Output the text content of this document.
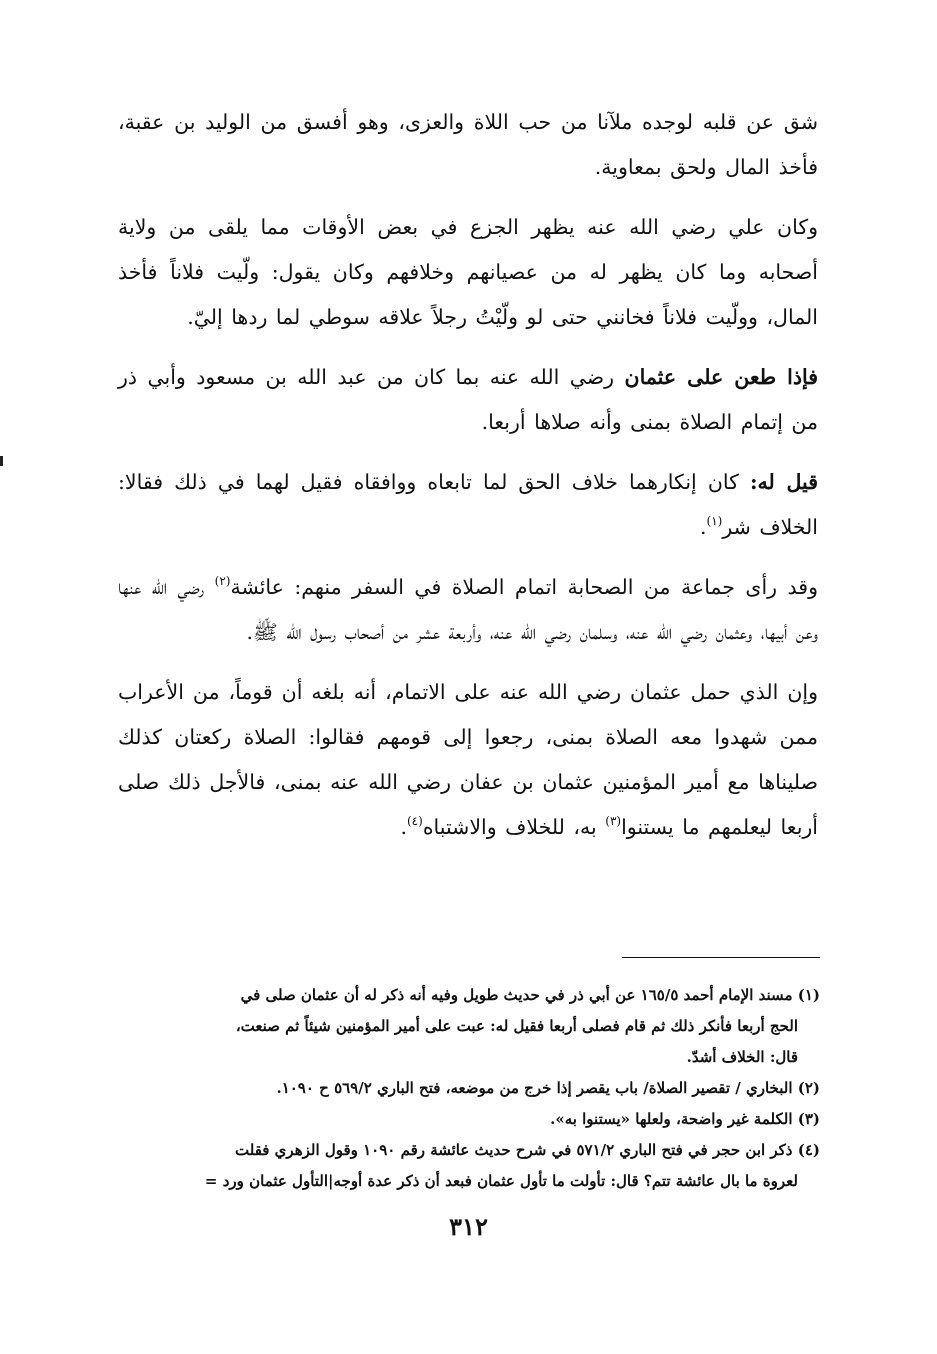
شق عن قلبه لوجده ملآنا من حب اللاة والعزى، وهو أفسق من الوليد بن عقبة، فأخذ المال ولحق بمعاوية.

وكان علي رضي الله عنه يظهر الجزع في بعض الأوقات مما يلقى من ولاية أصحابه وما كان يظهر له من عصيانهم وخلافهم وكان يقول: ولّيت فلاناً فأخذ المال، وولّيت فلاناً فخانني حتى لو ولّيْتُ رجلاً علاقه سوطي لما ردها إليّ.

فإذا طعن على عثمان رضي الله عنه بما كان من عبد الله بن مسعود وأبي ذر من إتمام الصلاة بمنى وأنه صلاها أربعا.

قيل له: كان إنكارهما خلاف الحق لما تابعاه ووافقاه فقيل لهما في ذلك فقالا: الخلاف شر$^{(١)}$.

وقد رأى جماعة من الصحابة اتمام الصلاة في السفر منهم: عائشة$^{(٢)}$ رضي الله عنها وعن أبيها، وعثمان رضي الله عنه، وسلمان رضي الله عنه، وأربعة عشر من أصحاب رسول الله ﷺ.

وإن الذي حمل عثمان رضي الله عنه على الاتمام، أنه بلغه أن قوماً، من الأعراب ممن شهدوا معه الصلاة بمنى، رجعوا إلى قومهم فقالوا: الصلاة ركعتان كذلك صليناها مع أمير المؤمنين عثمان بن عفان رضي الله عنه بمنى، فالأجل ذلك صلى أربعا ليعلمهم ما يستنوا$^{(٣)}$ به، للخلاف والاشتباه$^{(٤)}$.

(١) مسند الإمام أحمد ١٦٥/٥ عن أبي ذر في حديث طويل وفيه أنه ذكر له أن عثمان صلى في
الحج أربعا فأنكر ذلك ثم قام فصلى أربعا فقيل له: عبت على أمير المؤمنين شيئاً ثم صنعت،
قال: الخلاف أشدّ.

(٢) البخاري / تقصير الصلاة/ باب يقصر إذا خرج من موضعه، فتح الباري ٥٦٩/٢ ح ١٠٩٠.

(٣) الكلمة غير واضحة، ولعلها «يستنوا به».

(٤) ذكر ابن حجر في فتح الباري ٥٧١/٢ في شرح حديث عائشة رقم ١٠٩٠ وقول الزهري فقلت
لعروة ما بال عائشة تتم؟ قال: تأولت ما تأول عثمان فبعد أن ذكر عدة أوجه|التأول عثمان ورد =

٣١٢
